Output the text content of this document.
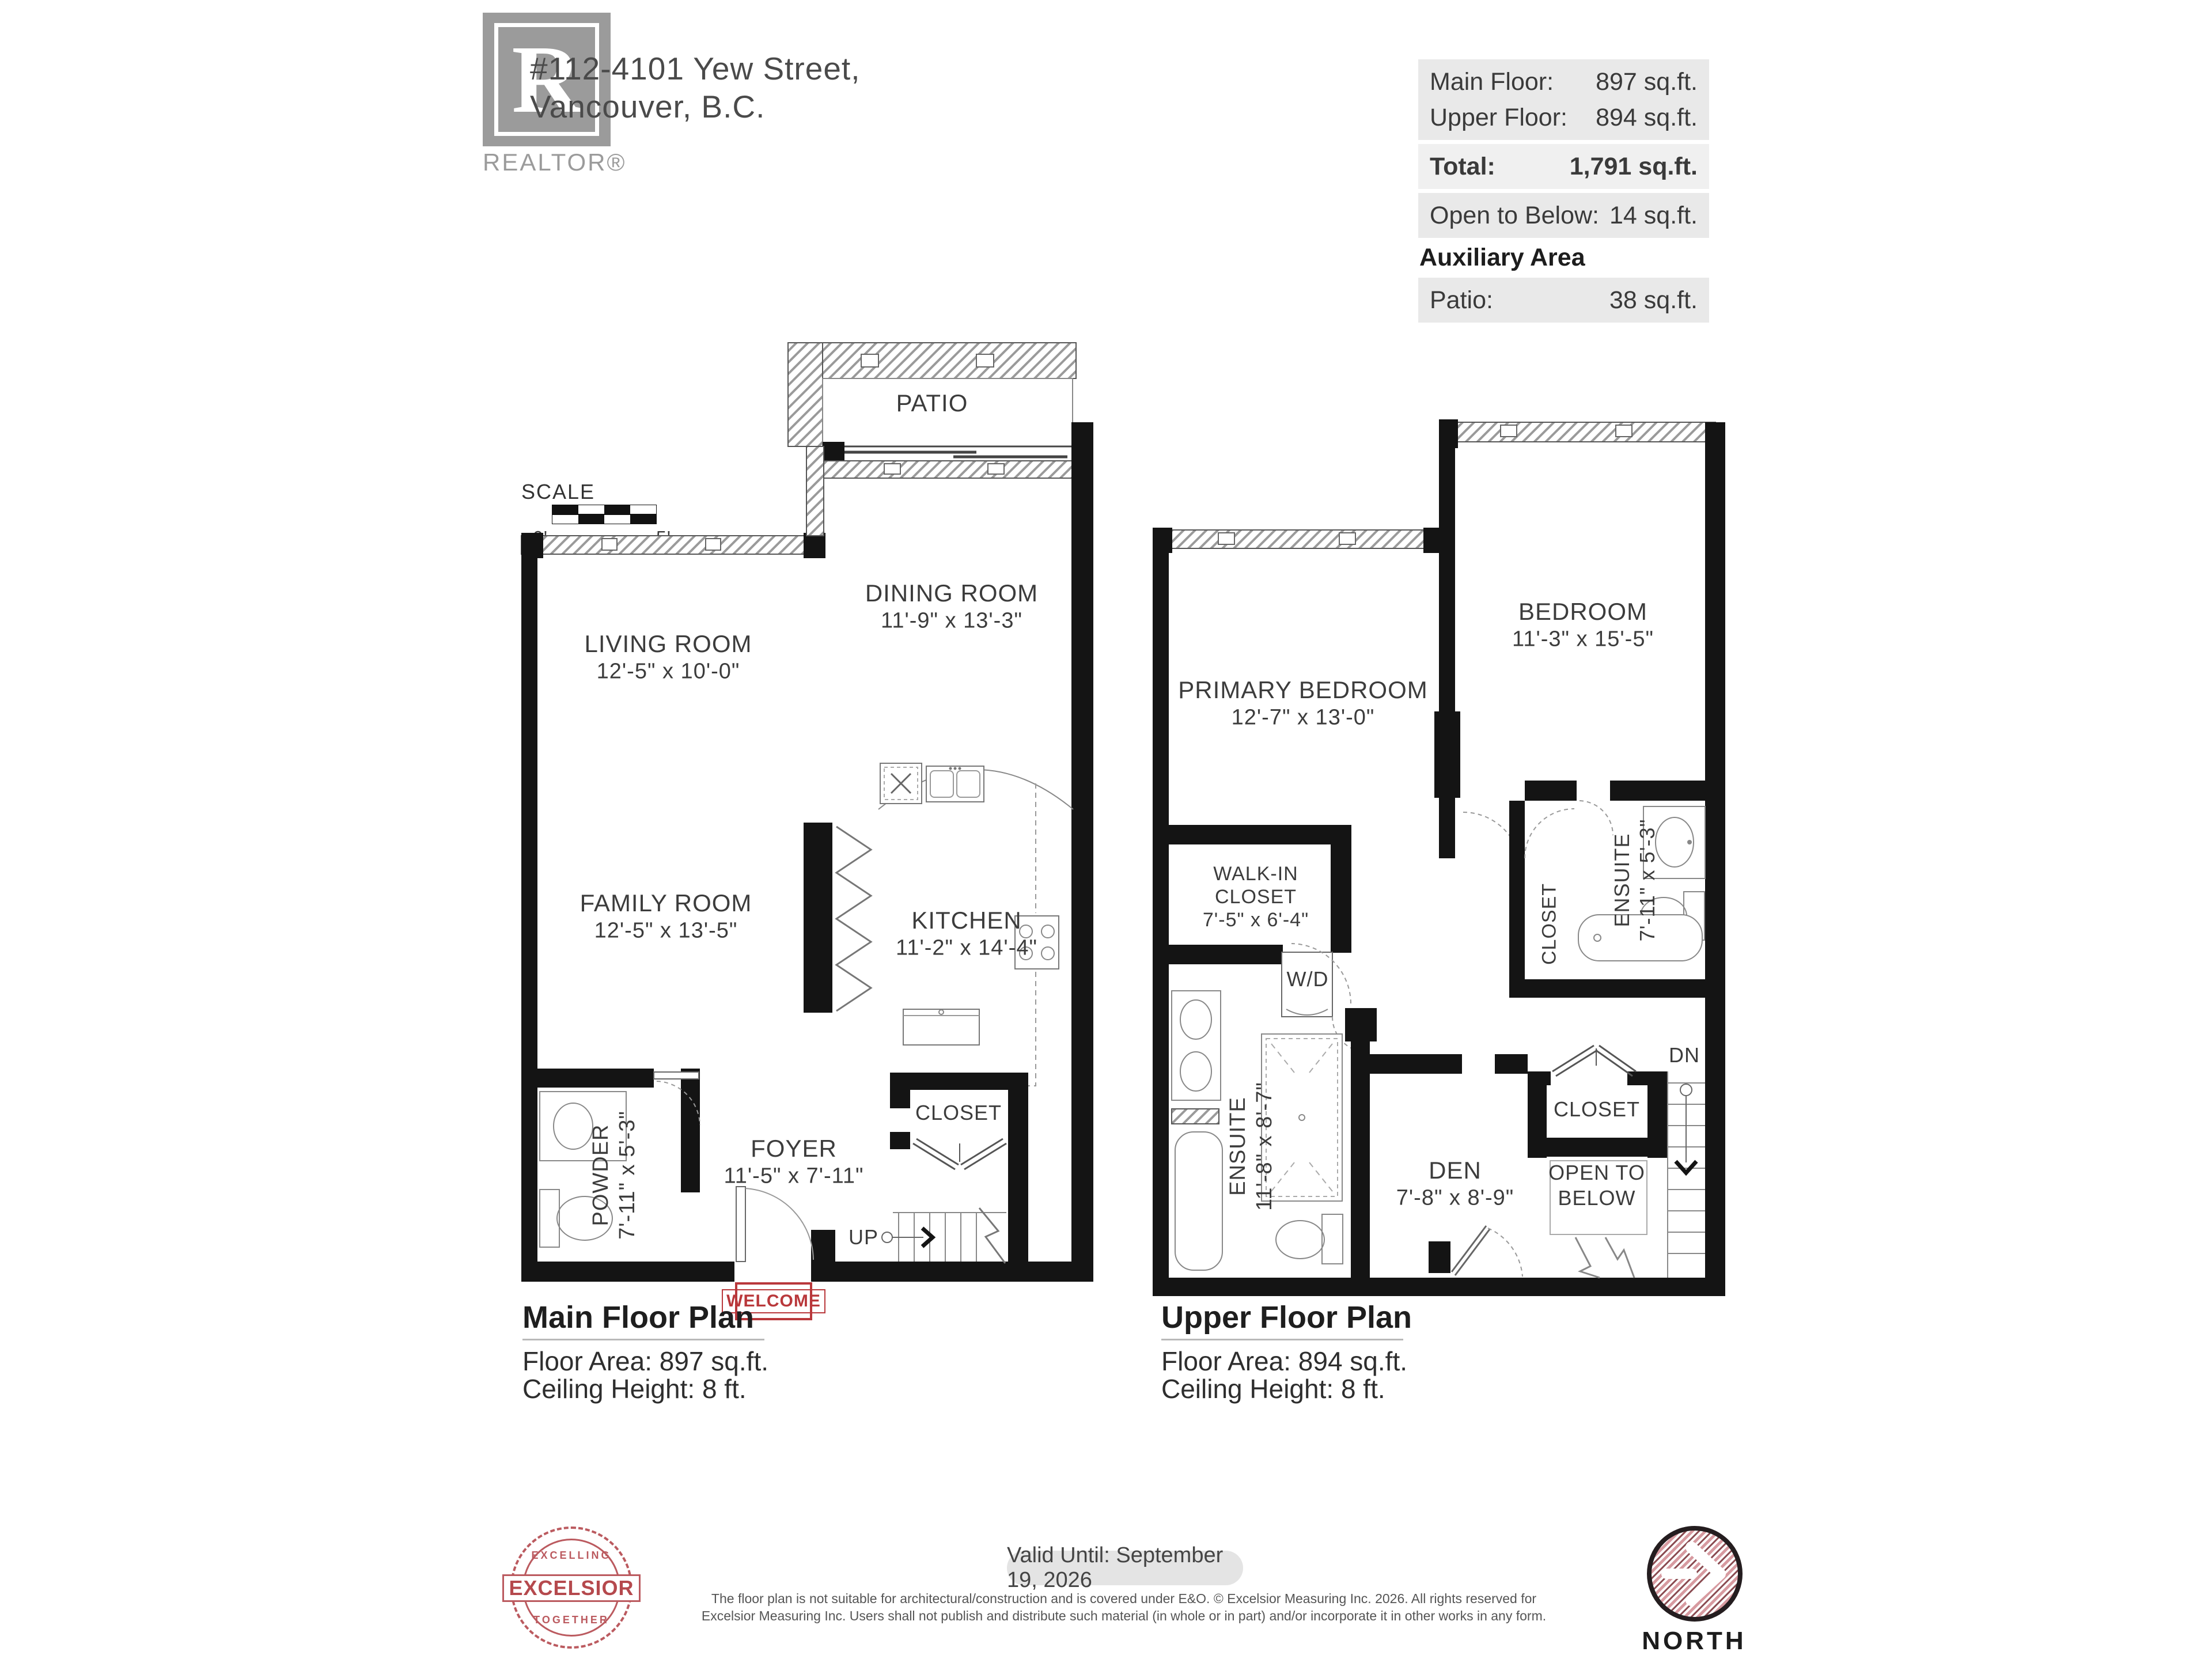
R
REALTOR®
#112-4101 Yew Street,
Vancouver, B.C.
Main Floor: 897 sq.ft.
Upper Floor: 894 sq.ft.
Total:	1,791 sq.ft.
Open to Below: 14 sq.ft.
Auxiliary Area
Patio:	38 sq.ft.
SCALE
PATIO
LIVING ROOM
12'-5" x 10'-0"
DINING ROOM
11'-9" x 13'-3"
FAMILY ROOM
12'-5" x 13'-5"	KITCHEN
11'-2" x 14'-4"
POWDER 7'-11" x 5'-3"	FOYER
11'-5" x 7'-11"
CLOSET
UP
WELCOME
Main Floor Plan
Floor Area: 897 sq.ft.
Ceiling Height: 8 ft.
PRIMARY BEDROOM
12'-7" x 13'-0"
BEDROOM
11'-3" x 15'-5"
WALK-IN
CLOSET
7'-5" x 6'-4"
W/D
ENSUITE 11'-8" x 8'-7"
ENSUITE 7'-11" x 5'-3"
CLOSET
DEN
7'-8" x 8'-9"
CLOSET
OPEN TO
BELOW
DN
Upper Floor Plan
Floor Area: 894 sq.ft.
Ceiling Height: 8 ft.
EXCELLING
EXCELSIOR
TOGETHER
Valid Until: September 19, 2026
The floor plan is not suitable for architectural/construction and is covered under E&O. © Excelsior Measuring Inc. 2026. All rights reserved for
Excelsior Measuring Inc. Users shall not publish and distribute such material (in whole or in part) and/or incorporate it in other works in any form.
NORTH
